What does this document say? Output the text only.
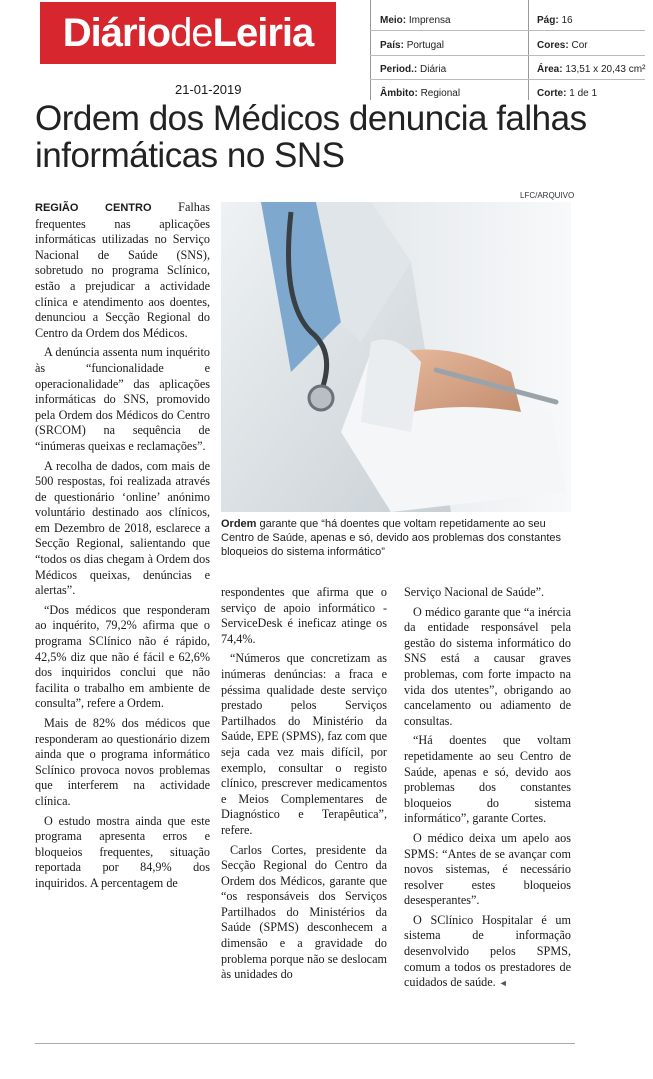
DiáriodeLeiria
21-01-2019
Meio: Imprensa
País: Portugal
Period.: Diária
Âmbito: Regional
Pág: 16
Cores: Cor
Área: 13,51 x 20,43 cm²
Corte: 1 de 1
Ordem dos Médicos denuncia falhas informáticas no SNS
LFC/ARQUIVO
Ordem garante que “há doentes que voltam repetidamente ao seu Centro de Saúde, apenas e só, devido aos problemas dos constantes bloqueios do sistema informático”

REGIÃO CENTRO Falhas frequentes nas aplicações informáticas utilizadas no Serviço Nacional de Saúde (SNS), sobretudo no programa Sclínico, estão a prejudicar a actividade clínica e atendimento aos doentes, denunciou a Secção Regional do Centro da Ordem dos Médicos.

A denúncia assenta num inquérito às “funcionalidade e operacionalidade” das aplicações informáticas do SNS, promovido pela Ordem dos Médicos do Centro (SRCOM) na sequência de “inúmeras queixas e reclamações”.

A recolha de dados, com mais de 500 respostas, foi realizada através de questionário ‘online’ anónimo voluntário destinado aos clínicos, em Dezembro de 2018, esclarece a Secção Regional, salientando que “todos os dias chegam à Ordem dos Médicos queixas, denúncias e alertas”.

“Dos médicos que responderam ao inquérito, 79,2% afirma que o programa SClínico não é rápido, 42,5% diz que não é fácil e 62,6% dos inquiridos conclui que não facilita o trabalho em ambiente de consulta”, refere a Ordem.

Mais de 82% dos médicos que responderam ao questionário dizem ainda que o programa informático Sclínico provoca novos problemas que interferem na actividade clínica.

O estudo mostra ainda que este programa apresenta erros e bloqueios frequentes, situação reportada por 84,9% dos inquiridos. A percentagem de

respondentes que afirma que o serviço de apoio informático - ServiceDesk é ineficaz atinge os 74,4%.

“Números que concretizam as inúmeras denúncias: a fraca e péssima qualidade deste serviço prestado pelos Serviços Partilhados do Ministério da Saúde, EPE (SPMS), faz com que seja cada vez mais difícil, por exemplo, consultar o registo clínico, prescrever medicamentos e Meios Complementares de Diagnóstico e Terapêutica”, refere.

Carlos Cortes, presidente da Secção Regional do Centro da Ordem dos Médicos, garante que “os responsáveis dos Serviços Partilhados do Ministérios da Saúde (SPMS) desconhecem a dimensão e a gravidade do problema porque não se deslocam às unidades do

Serviço Nacional de Saúde”.

O médico garante que “a inércia da entidade responsável pela gestão do sistema informático do SNS está a causar graves problemas, com forte impacto na vida dos utentes”, obrigando ao cancelamento ou adiamento de consultas.

“Há doentes que voltam repetidamente ao seu Centro de Saúde, apenas e só, devido aos problemas dos constantes bloqueios do sistema informático”, garante Cortes.

O médico deixa um apelo aos SPMS: “Antes de se avançar com novos sistemas, é necessário resolver estes bloqueios desesperantes”.

O SClínico Hospitalar é um sistema de informação desenvolvido pelos SPMS, comum a todos os prestadores de cuidados de saúde. ◄
